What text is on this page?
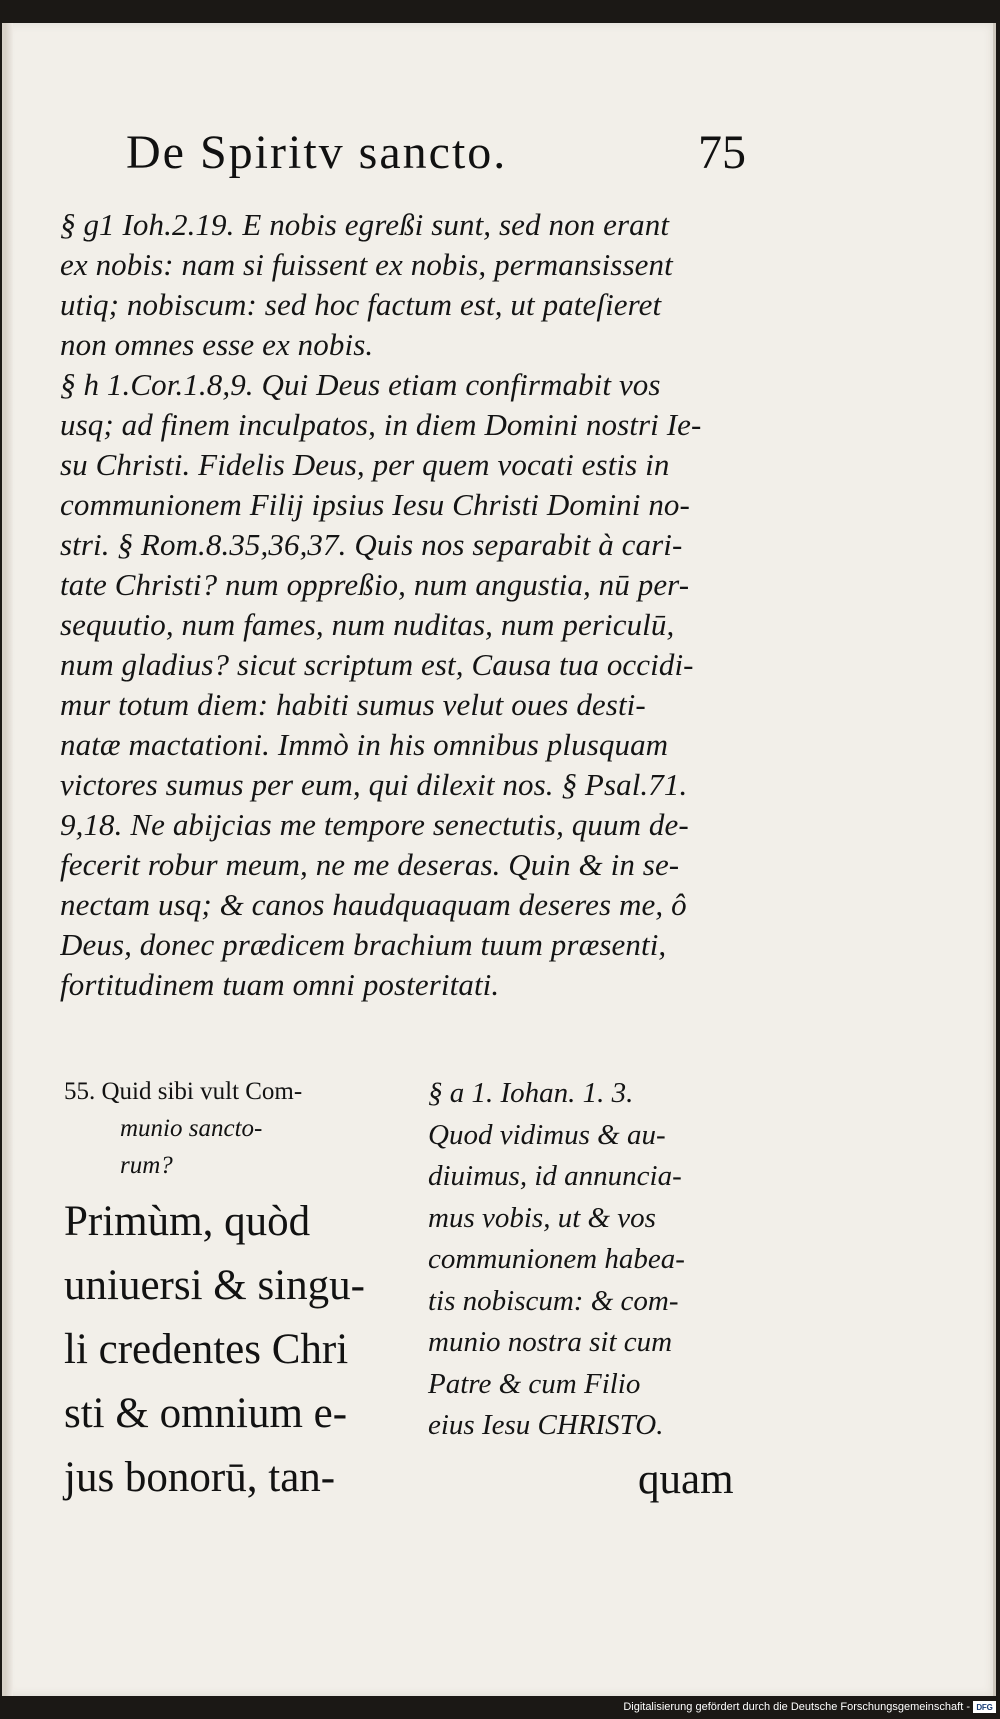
De Spiritv sancto.	75
§ g1 Ioh.2.19. E nobis egreßi sunt, sed non erant
ex nobis: nam si fuissent ex nobis, permansissent
utiq; nobiscum: sed hoc factum est, ut pateſieret
non omnes esse ex nobis.
§ h 1.Cor.1.8,9. Qui Deus etiam confirmabit vos
usq; ad finem inculpatos, in diem Domini nostri Ie-
su Christi. Fidelis Deus, per quem vocati estis in
communionem Filij ipsius Iesu Christi Domini no-
stri. § Rom.8.35,36,37. Quis nos separabit à cari-
tate Christi? num oppreßio, num angustia, nū per-
sequutio, num fames, num nuditas, num periculū,
num gladius? sicut scriptum est, Causa tua occidi-
mur totum diem: habiti sumus velut oues desti-
natæ mactationi. Immò in his omnibus plusquam
victores sumus per eum, qui dilexit nos. § Psal.71.
9,18. Ne abijcias me tempore senectutis, quum de-
fecerit robur meum, ne me deseras. Quin & in se-
nectam usq; & canos haudquaquam deseres me, ô
Deus, donec prædicem brachium tuum præsenti,
fortitudinem tuam omni posteritati.
55. Quid sibi vult Com-
munio sancto-
rum?
Primùm, quòd
uniuersi & singu-
li credentes Chri
sti & omnium e-
jus bonorū, tan-
§ a 1. Iohan. 1. 3.
Quod vidimus & au-
diuimus, id annuncia-
mus vobis, ut & vos
communionem habea-
tis nobiscum: & com-
munio nostra sit cum
Patre & cum Filio
eius Iesu CHRISTO.
quam
Digitalisierung gefördert durch die Deutsche Forschungsgemeinschaft - DFG
